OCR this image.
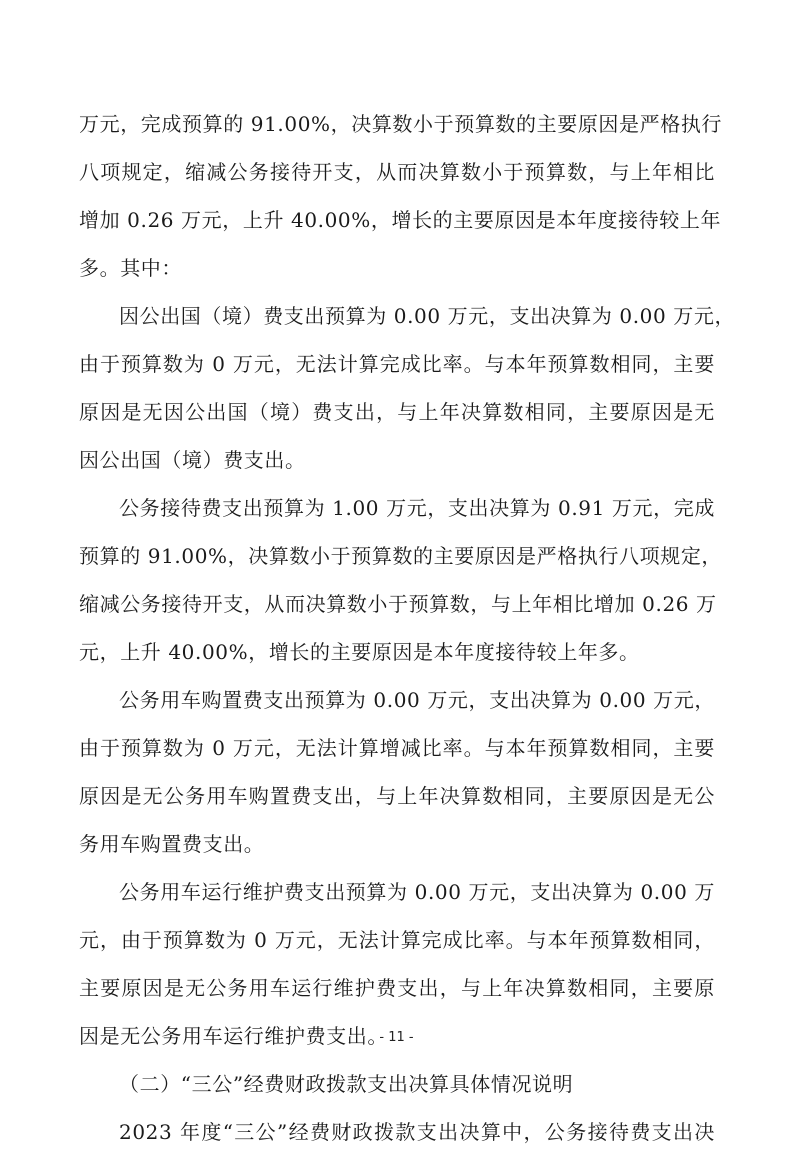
万元，完成预算的 91.00%，决算数小于预算数的主要原因是严格执行
八项规定，缩减公务接待开支，从而决算数小于预算数，与上年相比
增加 0.26 万元，上升 40.00%，增长的主要原因是本年度接待较上年
多。其中：
因公出国（境）费支出预算为 0.00 万元，支出决算为 0.00 万元，
由于预算数为 0 万元，无法计算完成比率。与本年预算数相同，主要
原因是无因公出国（境）费支出，与上年决算数相同，主要原因是无
因公出国（境）费支出。
公务接待费支出预算为 1.00 万元，支出决算为 0.91 万元，完成
预算的 91.00%，决算数小于预算数的主要原因是严格执行八项规定，
缩减公务接待开支，从而决算数小于预算数，与上年相比增加 0.26 万
元，上升 40.00%，增长的主要原因是本年度接待较上年多。
公务用车购置费支出预算为 0.00 万元，支出决算为 0.00 万元，
由于预算数为 0 万元，无法计算增减比率。与本年预算数相同，主要
原因是无公务用车购置费支出，与上年决算数相同，主要原因是无公
务用车购置费支出。
公务用车运行维护费支出预算为 0.00 万元，支出决算为 0.00 万
元，由于预算数为 0 万元，无法计算完成比率。与本年预算数相同，
主要原因是无公务用车运行维护费支出，与上年决算数相同，主要原
因是无公务用车运行维护费支出。
（二）“三公”经费财政拨款支出决算具体情况说明
2023 年度“三公”经费财政拨款支出决算中，公务接待费支出决
- 11 -
